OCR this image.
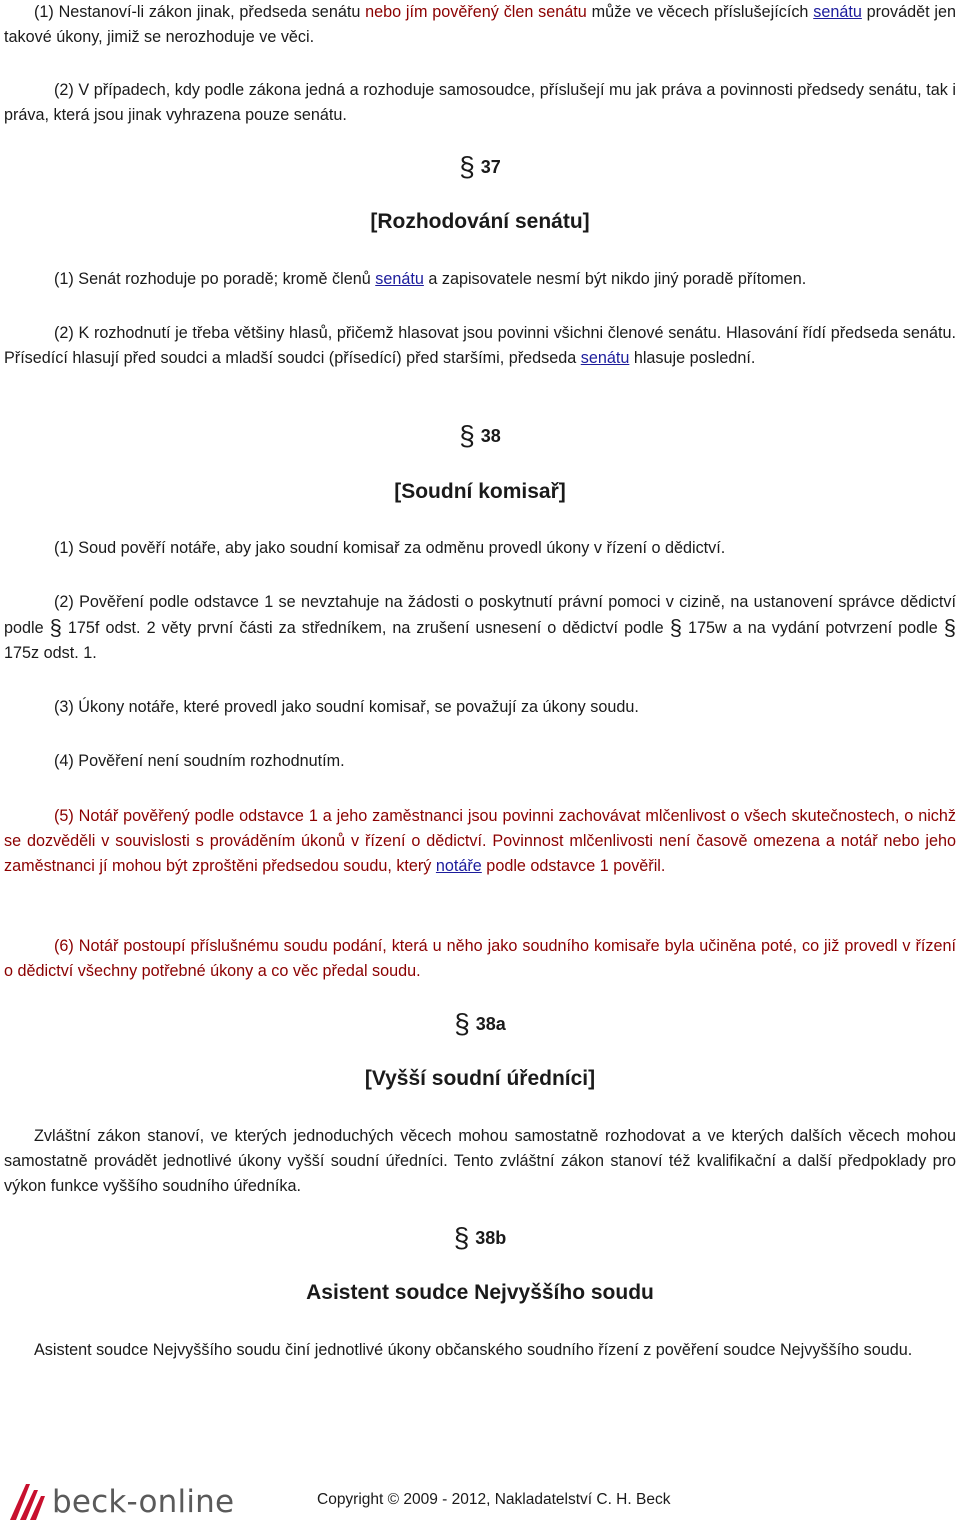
(1) Nestanoví-li zákon jinak, předseda senátu nebo jím pověřený člen senátu může ve věcech příslušejících senátu provádět jen takové úkony, jimiž se nerozhoduje ve věci.

(2) V případech, kdy podle zákona jedná a rozhoduje samosoudce, příslušejí mu jak práva a povinnosti předsedy senátu, tak i práva, která jsou jinak vyhrazena pouze senátu.

§ 37
[Rozhodování senátu]

(1) Senát rozhoduje po poradě; kromě členů senátu a zapisovatele nesmí být nikdo jiný poradě přítomen.

(2) K rozhodnutí je třeba většiny hlasů, přičemž hlasovat jsou povinni všichni členové senátu. Hlasování řídí předseda senátu. Přísedící hlasují před soudci a mladší soudci (přísedící) před staršími, předseda senátu hlasuje poslední.

§ 38
[Soudní komisař]

(1) Soud pověří notáře, aby jako soudní komisař za odměnu provedl úkony v řízení o dědictví.

(2) Pověření podle odstavce 1 se nevztahuje na žádosti o poskytnutí právní pomoci v cizině, na ustanovení správce dědictví podle § 175f odst. 2 věty první části za středníkem, na zrušení usnesení o dědictví podle § 175w a na vydání potvrzení podle § 175z odst. 1.

(3) Úkony notáře, které provedl jako soudní komisař, se považují za úkony soudu.

(4) Pověření není soudním rozhodnutím.

(5) Notář pověřený podle odstavce 1 a jeho zaměstnanci jsou povinni zachovávat mlčenlivost o všech skutečnostech, o nichž se dozvěděli v souvislosti s prováděním úkonů v řízení o dědictví. Povinnost mlčenlivosti není časově omezena a notář nebo jeho zaměstnanci jí mohou být zproštěni předsedou soudu, který notáře podle odstavce 1 pověřil.

(6) Notář postoupí příslušnému soudu podání, která u něho jako soudního komisaře byla učiněna poté, co již provedl v řízení o dědictví všechny potřebné úkony a co věc předal soudu.

§ 38a
[Vyšší soudní úředníci]

Zvláštní zákon stanoví, ve kterých jednoduchých věcech mohou samostatně rozhodovat a ve kterých dalších věcech mohou samostatně provádět jednotlivé úkony vyšší soudní úředníci. Tento zvláštní zákon stanoví též kvalifikační a další předpoklady pro výkon funkce vyššího soudního úředníka.

§ 38b
Asistent soudce Nejvyššího soudu

Asistent soudce Nejvyššího soudu činí jednotlivé úkony občanského soudního řízení z pověření soudce Nejvyššího soudu.

beck-online	Copyright © 2009 - 2012, Nakladatelství C. H. Beck
